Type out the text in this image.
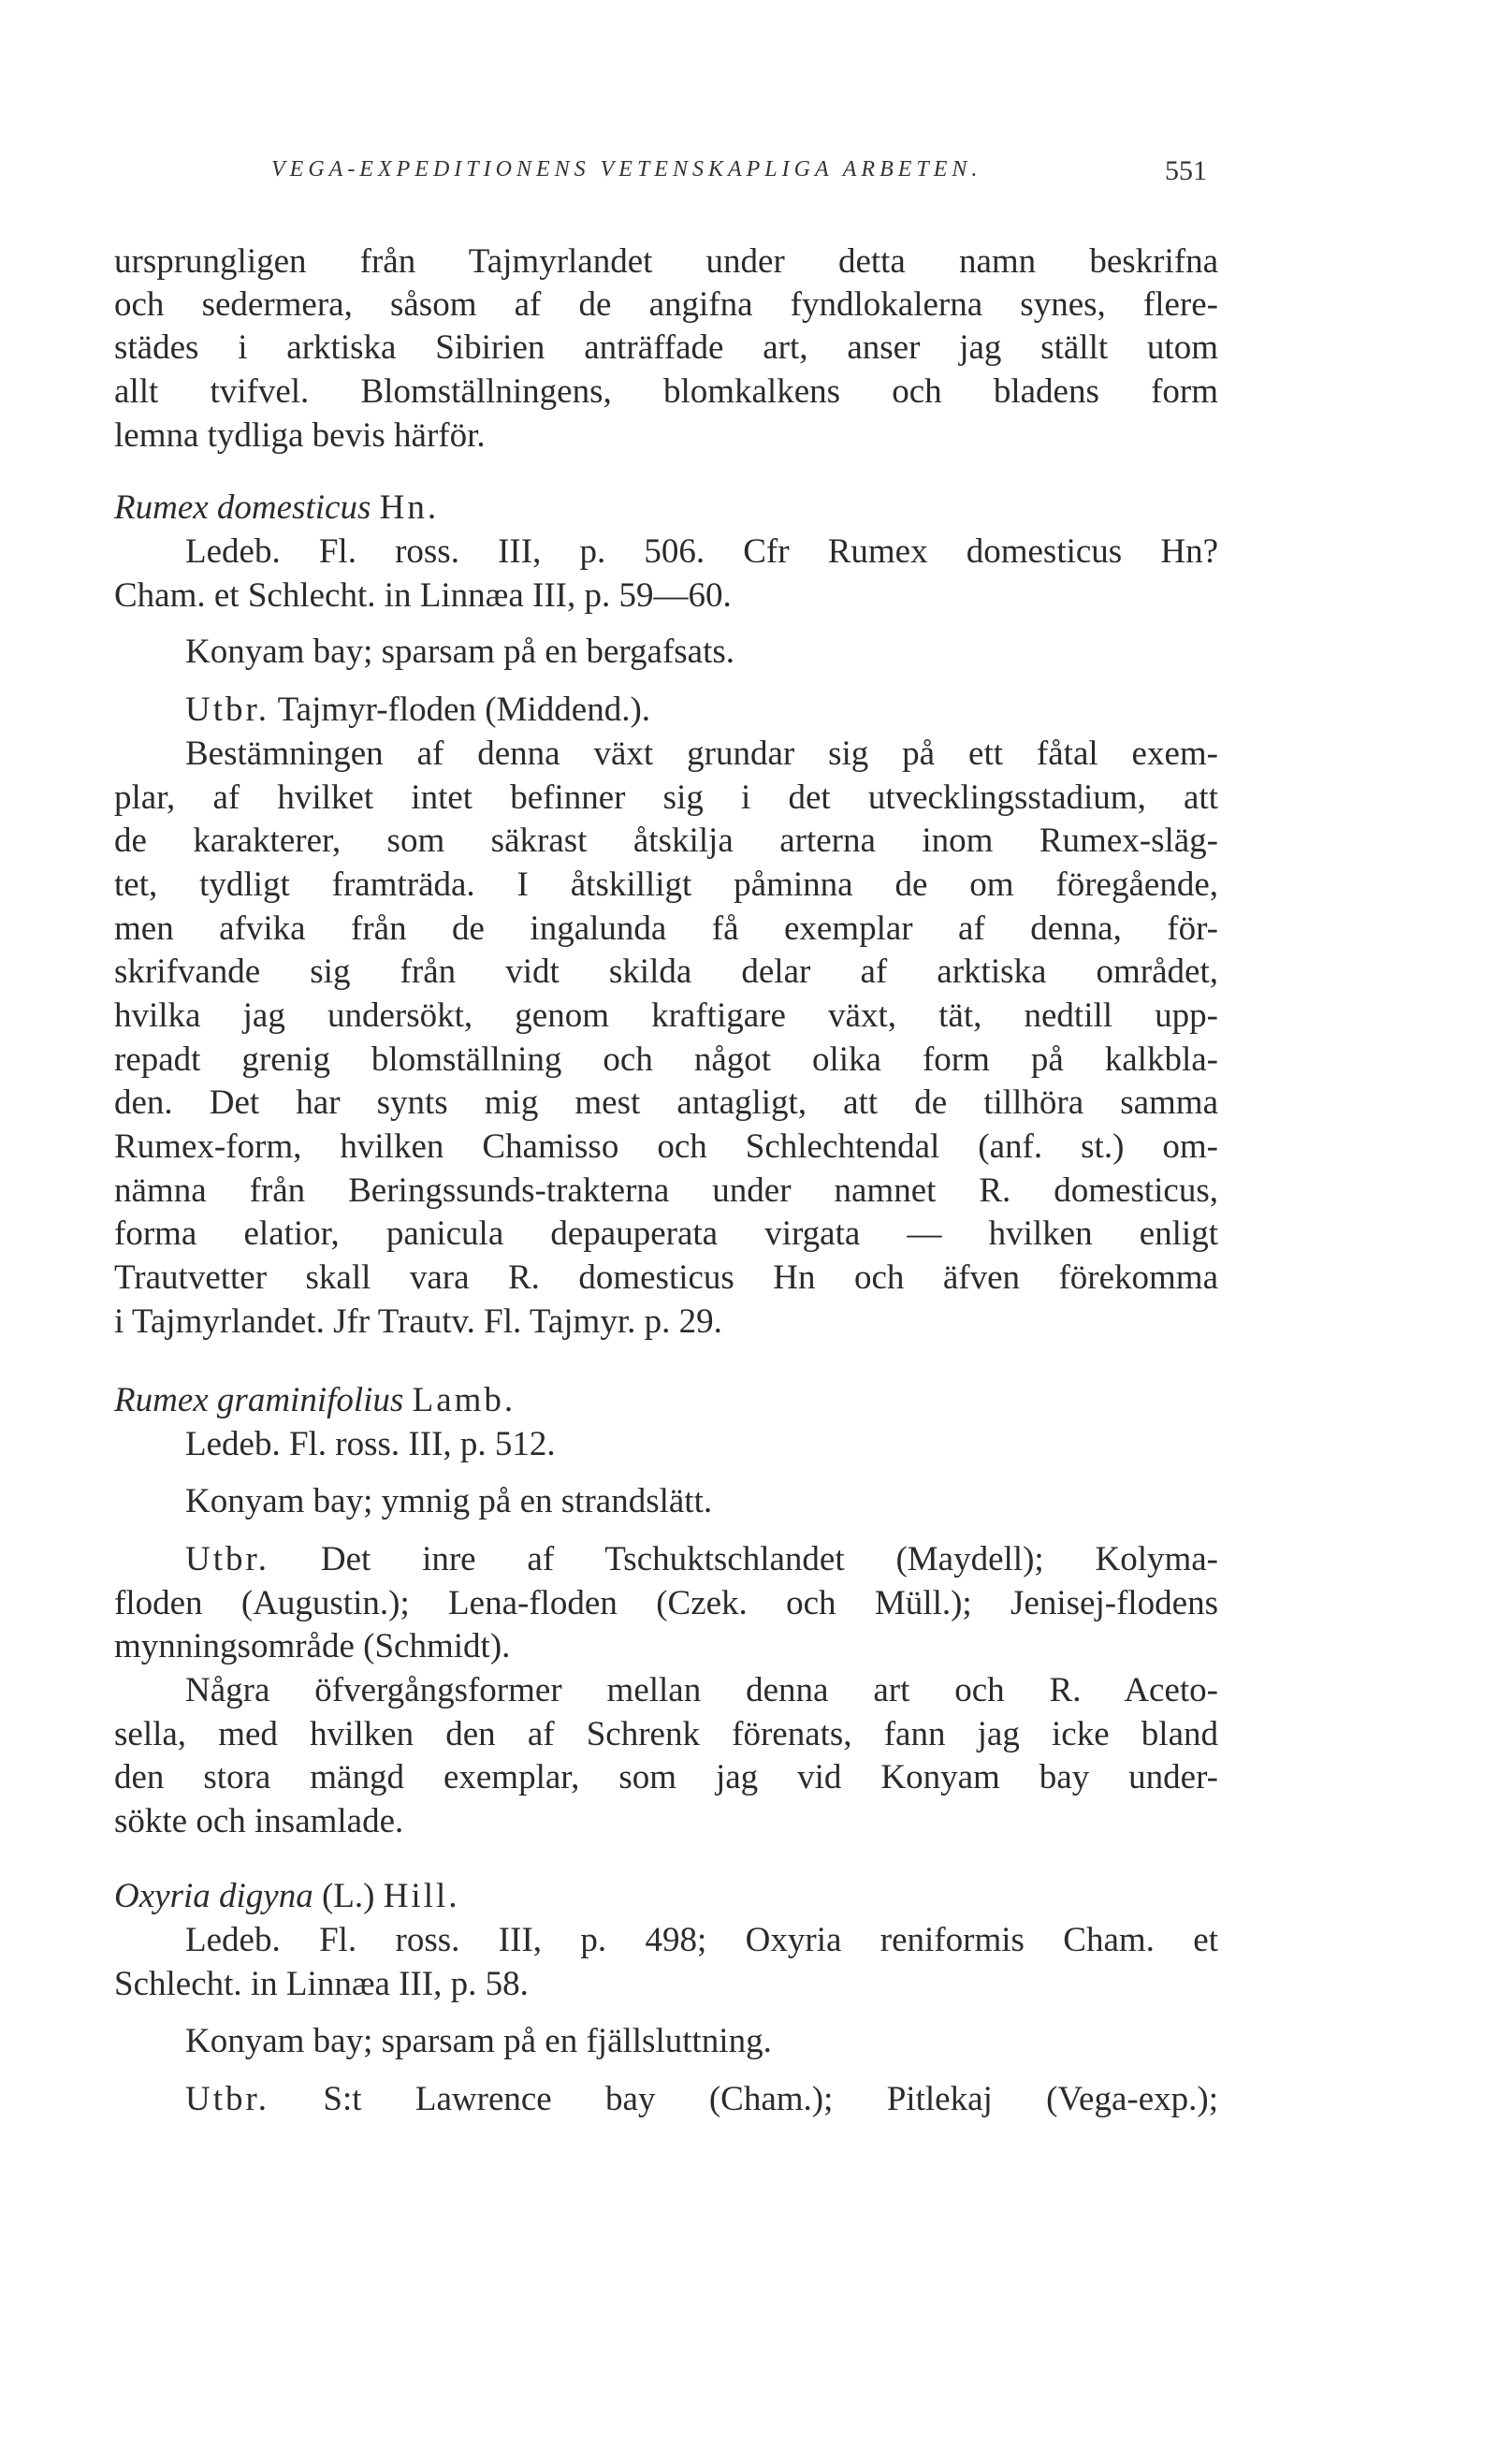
VEGA-EXPEDITIONENS VETENSKAPLIGA ARBETEN.	551
ursprungligen från Tajmyrlandet under detta namn beskrifna
och sedermera, såsom af de angifna fyndlokalerna synes, flere-
städes i arktiska Sibirien anträffade art, anser jag ställt utom
allt tvifvel. Blomställningens, blomkalkens och bladens form
lemna tydliga bevis härför.
Rumex domesticus Hn.
Ledeb. Fl. ross. III, p. 506. Cfr Rumex domesticus Hn?
Cham. et Schlecht. in Linnæa III, p. 59—60.
Konyam bay; sparsam på en bergafsats.
Utbr. Tajmyr-floden (Middend.).
Bestämningen af denna växt grundar sig på ett fåtal exem-
plar, af hvilket intet befinner sig i det utvecklingsstadium, att
de karakterer, som säkrast åtskilja arterna inom Rumex-släg-
tet, tydligt framträda. I åtskilligt påminna de om föregående,
men afvika från de ingalunda få exemplar af denna, för-
skrifvande sig från vidt skilda delar af arktiska området,
hvilka jag undersökt, genom kraftigare växt, tät, nedtill upp-
repadt grenig blomställning och något olika form på kalkbla-
den. Det har synts mig mest antagligt, att de tillhöra samma
Rumex-form, hvilken Chamisso och Schlechtendal (anf. st.) om-
nämna från Beringssunds-trakterna under namnet R. domesticus,
forma elatior, panicula depauperata virgata — hvilken enligt
Trautvetter skall vara R. domesticus Hn och äfven förekomma
i Tajmyrlandet. Jfr Trautv. Fl. Tajmyr. p. 29.
Rumex graminifolius Lamb.
Ledeb. Fl. ross. III, p. 512.
Konyam bay; ymnig på en strandslätt.
Utbr. Det inre af Tschuktschlandet (Maydell); Kolyma-
floden (Augustin.); Lena-floden (Czek. och Müll.); Jenisej-flodens
mynningsområde (Schmidt).
Några öfvergångsformer mellan denna art och R. Aceto-
sella, med hvilken den af Schrenk förenats, fann jag icke bland
den stora mängd exemplar, som jag vid Konyam bay under-
sökte och insamlade.
Oxyria digyna (L.) Hill.
Ledeb. Fl. ross. III, p. 498; Oxyria reniformis Cham. et
Schlecht. in Linnæa III, p. 58.
Konyam bay; sparsam på en fjällsluttning.
Utbr. S:t Lawrence bay (Cham.); Pitlekaj (Vega-exp.);
